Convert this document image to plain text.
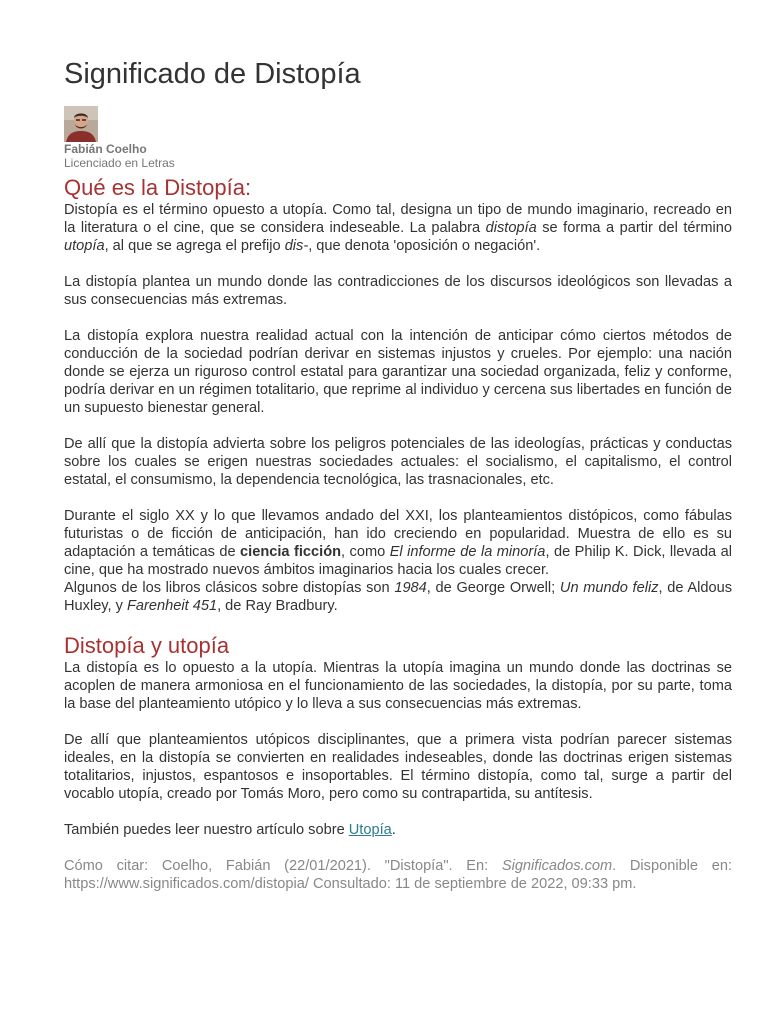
Significado de Distopía
Fabián Coelho
Licenciado en Letras
Qué es la Distopía:

Distopía es el término opuesto a utopía. Como tal, designa un tipo de mundo imaginario, recreado en la literatura o el cine, que se considera indeseable. La palabra distopía se forma a partir del término utopía, al que se agrega el prefijo dis-, que denota 'oposición o negación'.

La distopía plantea un mundo donde las contradicciones de los discursos ideológicos son llevadas a sus consecuencias más extremas.

La distopía explora nuestra realidad actual con la intención de anticipar cómo ciertos métodos de conducción de la sociedad podrían derivar en sistemas injustos y crueles. Por ejemplo: una nación donde se ejerza un riguroso control estatal para garantizar una sociedad organizada, feliz y conforme, podría derivar en un régimen totalitario, que reprime al individuo y cercena sus libertades en función de un supuesto bienestar general.

De allí que la distopía advierta sobre los peligros potenciales de las ideologías, prácticas y conductas sobre los cuales se erigen nuestras sociedades actuales: el socialismo, el capitalismo, el control estatal, el consumismo, la dependencia tecnológica, las trasnacionales, etc.

Durante el siglo XX y lo que llevamos andado del XXI, los planteamientos distópicos, como fábulas futuristas o de ficción de anticipación, han ido creciendo en popularidad. Muestra de ello es su adaptación a temáticas de ciencia ficción, como El informe de la minoría, de Philip K. Dick, llevada al cine, que ha mostrado nuevos ámbitos imaginarios hacia los cuales crecer.

Algunos de los libros clásicos sobre distopías son 1984, de George Orwell; Un mundo feliz, de Aldous Huxley, y Farenheit 451, de Ray Bradbury.

Distopía y utopía

La distopía es lo opuesto a la utopía. Mientras la utopía imagina un mundo donde las doctrinas se acoplen de manera armoniosa en el funcionamiento de las sociedades, la distopía, por su parte, toma la base del planteamiento utópico y lo lleva a sus consecuencias más extremas.

De allí que planteamientos utópicos disciplinantes, que a primera vista podrían parecer sistemas ideales, en la distopía se convierten en realidades indeseables, donde las doctrinas erigen sistemas totalitarios, injustos, espantosos e insoportables. El término distopía, como tal, surge a partir del vocablo utopía, creado por Tomás Moro, pero como su contrapartida, su antítesis.

También puedes leer nuestro artículo sobre Utopía.

Cómo citar: Coelho, Fabián (22/01/2021). "Distopía". En: Significados.com. Disponible en: https://www.significados.com/distopia/ Consultado: 11 de septiembre de 2022, 09:33 pm.
